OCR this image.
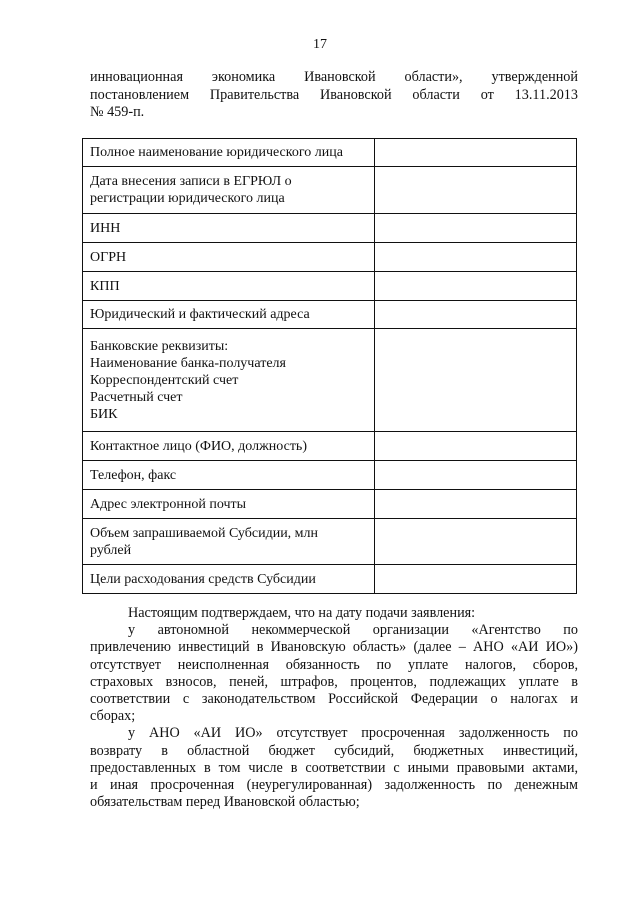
17
инновационная экономика Ивановской области», утвержденной
постановлением Правительства Ивановской области от 13.11.2013
№ 459-п.
Полное наименование юридического лица	

Дата внесения записи в ЕГРЮЛ о
регистрации юридического лица	

ИНН	

ОГРН	

КПП	

Юридический и фактический адреса	

Банковские реквизиты:
Наименование банка-получателя
Корреспондентский счет
Расчетный счет
БИК	

Контактное лицо (ФИО, должность)	

Телефон, факс	

Адрес электронной почты	

Объем запрашиваемой Субсидии, млн
рублей	

Цели расходования средств Субсидии	

Настоящим подтверждаем, что на дату подачи заявления:
у автономной некоммерческой организации «Агентство по
привлечению инвестиций в Ивановскую область» (далее – АНО «АИ ИО»)
отсутствует неисполненная обязанность по уплате налогов, сборов,
страховых взносов, пеней, штрафов, процентов, подлежащих уплате в
соответствии с законодательством Российской Федерации о налогах и
сборах;
у АНО «АИ ИО» отсутствует просроченная задолженность по
возврату в областной бюджет субсидий, бюджетных инвестиций,
предоставленных в том числе в соответствии с иными правовыми актами,
и иная просроченная (неурегулированная) задолженность по денежным
обязательствам перед Ивановской областью;
